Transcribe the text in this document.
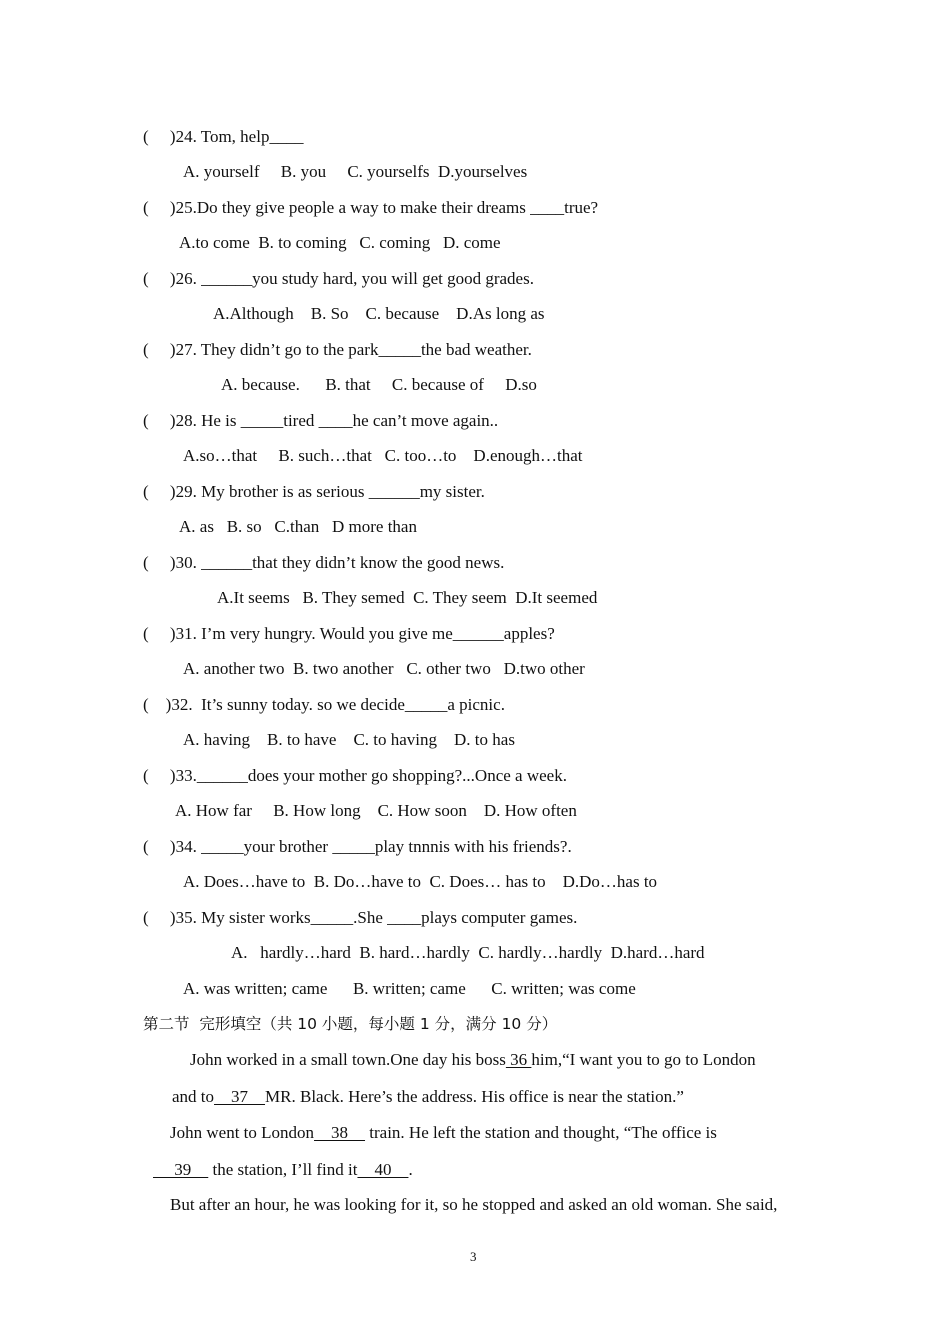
(     )24. Tom, help____
A. yourself     B. you     C. yourselfs  D.yourselves
(     )25.Do they give people a way to make their dreams ____true?
A.to come  B. to coming   C. coming   D. come
(     )26. ______you study hard, you will get good grades.
A.Although    B. So    C. because    D.As long as
(     )27. They didn’t go to the park_____the bad weather.
A. because.      B. that     C. because of     D.so
(     )28. He is _____tired ____he can’t move again..
A.so…that     B. such…that   C. too…to    D.enough…that
(     )29. My brother is as serious ______my sister.
A. as   B. so   C.than   D more than
(     )30. ______that they didn’t know the good news.
A.It seems   B. They semed  C. They seem  D.It seemed
(     )31. I’m very hungry. Would you give me______apples?
A. another two  B. two another   C. other two   D.two other
(    )32.  It’s sunny today. so we decide_____a picnic.
A. having    B. to have    C. to having    D. to has
(     )33.______does your mother go shopping?...Once a week.
A. How far     B. How long    C. How soon    D. How often
(     )34. _____your brother _____play tnnnis with his friends?.
A. Does…have to  B. Do…have to  C. Does… has to    D.Do…has to
(     )35. My sister works_____.She ____plays computer games.
A.   hardly…hard  B. hard…hardly  C. hardly…hardly  D.hard…hard
A. was written; came      B. written; came      C. written; was come
第二节  完形填空（共 10 小题，每小题 1 分，满分 10 分）
John worked in a small town.One day his boss 36 him,“I want you to go to London
and to    37    MR. Black. Here’s the address. His office is near the station.”
John went to London    38     train. He left the station and thought, “The office is
39     the station, I’ll find it    40    .
But after an hour, he was looking for it, so he stopped and asked an old woman. She said,
3
